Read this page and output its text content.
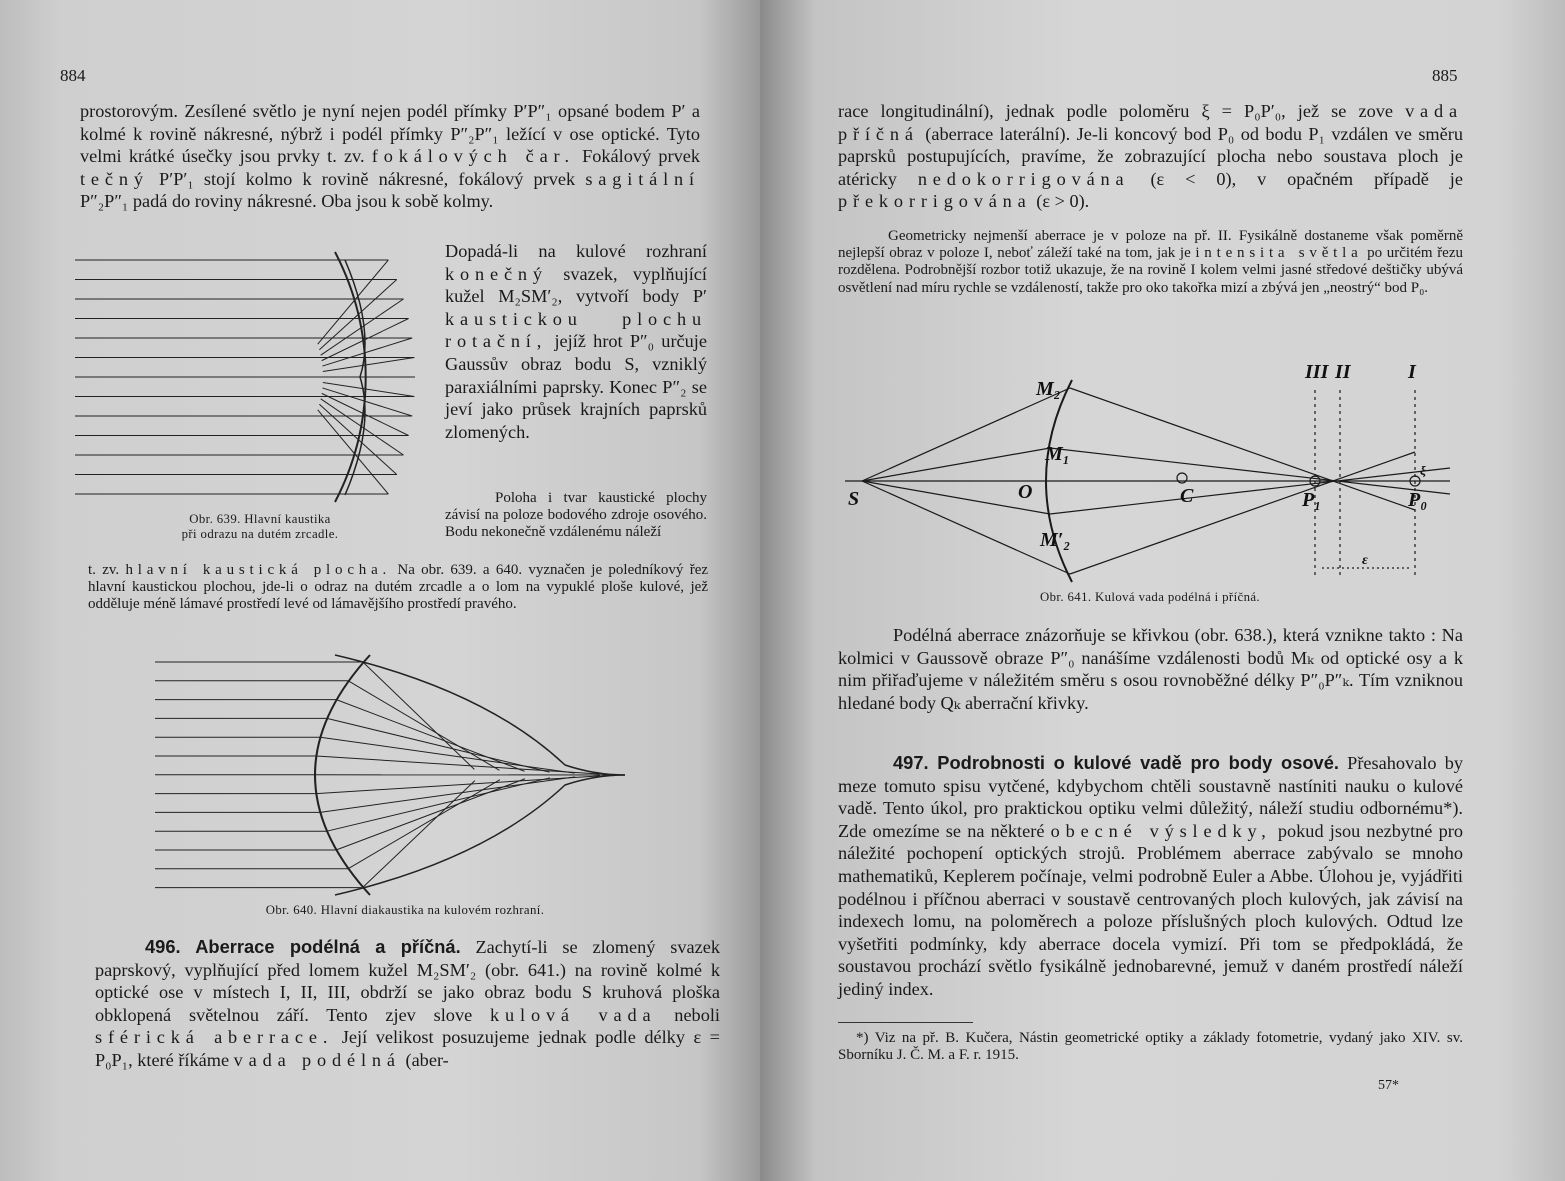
884
prostorovým. Zesílené světlo je nyní nejen podél přímky P′P″₁ opsané bodem P′ a kolmé k rovině nákresné, nýbrž i podél přímky P″₂P″₁ ležící v ose optické. Tyto velmi krátké úsečky jsou prvky t. zv. fokálových čar. Fokálový prvek tečný P′P′₁ stojí kolmo k rovině nákresné, fokálový prvek sagitální P″₂P″₁ padá do roviny nákresné. Oba jsou k sobě kolmy.
Obr. 639. Hlavní kaustika
při odrazu na dutém zrcadle.
Dopadá-li na kulové rozhraní konečný svazek, vyplňující kužel M₂SM′₂, vytvoří body P′ kaustickou plochu rotační, jejíž hrot P″₀ určuje Gaussův obraz bodu S, vzniklý paraxiálními paprsky. Konec P″₂ se jeví jako průsek krajních paprsků zlomených.
Poloha i tvar kaustické plochy závisí na poloze bodového zdroje osového. Bodu nekonečně vzdálenému náleží
t. zv. hlavní kaustická plocha. Na obr. 639. a 640. vyznačen je poledníkový řez hlavní kaustickou plochou, jde-li o odraz na dutém zrcadle a o lom na vypuklé ploše kulové, jež odděluje méně lámavé prostředí levé od lámavějšího prostředí pravého.
Obr. 640. Hlavní diakaustika na kulovém rozhraní.
496. Aberrace podélná a příčná. Zachytí-li se zlomený svazek paprskový, vyplňující před lomem kužel M₂SM′₂ (obr. 641.) na rovině kolmé k optické ose v místech I, II, III, obdrží se jako obraz bodu S kruhová ploška obklopená světelnou září. Tento zjev slove kulová vada neboli sférická aberrace. Její velikost posuzujeme jednak podle délky ε = P₀P₁, které říkáme vada podélná (aber-
885
race longitudinální), jednak podle poloměru ξ = P₀P′₀, jež se zove vada příčná (aberrace laterální). Je-li koncový bod P₀ od bodu P₁ vzdálen ve směru paprsků postupujících, pravíme, že zobrazující plocha nebo soustava ploch je atéricky nedokorrigována (ε < 0), v opačném případě je překorrigována (ε > 0).
Geometricky nejmenší aberrace je v poloze na př. II. Fysikálně dostaneme však poměrně nejlepší obraz v poloze I, neboť záleží také na tom, jak je intensita světla po určitém řezu rozdělena. Podrobnější rozbor totiž ukazuje, že na rovině I kolem velmi jasné středové deštičky ubývá osvětlení nad míru rychle se vzdáleností, takže pro oko takořka mizí a zbývá jen „neostrý“ bod P₀.
S	O	C
M₂
M₁
M′₂
P₁	P₀
III II	I
ξ
ε
Obr. 641. Kulová vada podélná i příčná.
Podélná aberrace znázorňuje se křivkou (obr. 638.), která vznikne takto : Na kolmici v Gaussově obraze P″₀ nanášíme vzdálenosti bodů Mₖ od optické osy a k nim přiřaďujeme v náležitém směru s osou rovnoběžné délky P″₀P″ₖ. Tím vzniknou hledané body Qₖ aberrační křivky.
497. Podrobnosti o kulové vadě pro body osové. Přesahovalo by meze tomuto spisu vytčené, kdybychom chtěli soustavně nastíniti nauku o kulové vadě. Tento úkol, pro praktickou optiku velmi důležitý, náleží studiu odbornému*). Zde omezíme se na některé obecné výsledky, pokud jsou nezbytné pro náležité pochopení optických strojů. Problémem aberrace zabývalo se mnoho mathematiků, Keplerem počínaje, velmi podrobně Euler a Abbe. Úlohou je, vyjádřiti podélnou i příčnou aberraci v soustavě centrovaných ploch kulových, jak závisí na indexech lomu, na poloměrech a poloze příslušných ploch kulových. Odtud lze vyšetřiti podmínky, kdy aberrace docela vymizí. Při tom se předpokládá, že soustavou prochází světlo fysikálně jednobarevné, jemuž v daném prostředí náleží jediný index.
*) Viz na př. B. Kučera, Nástin geometrické optiky a základy fotometrie, vydaný jako XIV. sv. Sborníku J. Č. M. a F. r. 1915.
57*
